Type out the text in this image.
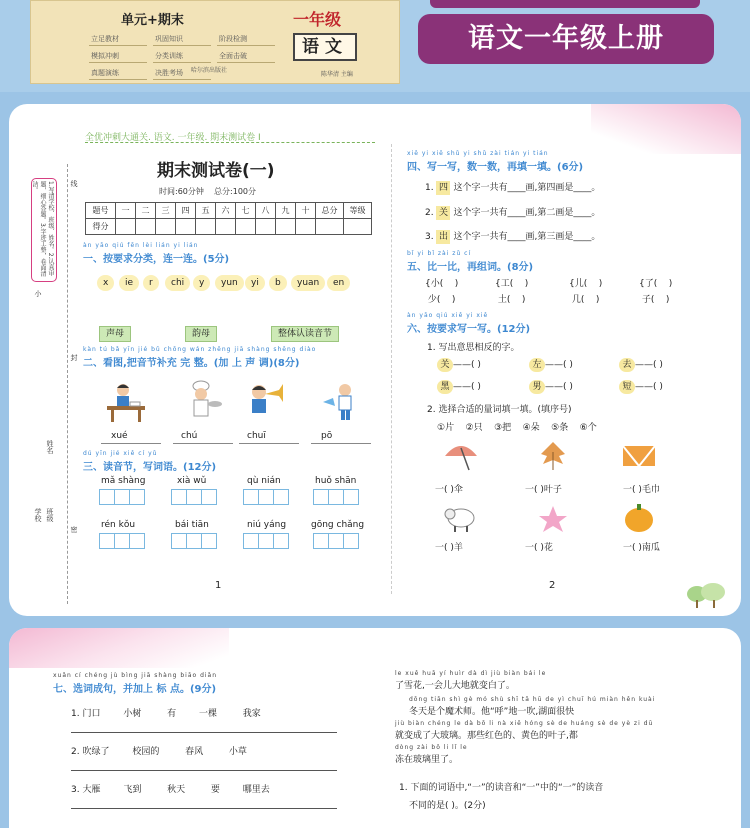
单元+期末
立足教材	巩固知识	阶段检测模拟冲刺	分类训练	全面击破真题演练	决胜考场
一年级
语文
哈尔滨出版社
陈华清 主编
语文一年级上册
全优冲刺大通关. 语文. 一年级. 期末测试卷 I
1.写清学校、班级、姓名。2.认真审题，细心答题。3.字迹工整，卷面清洁。	线
小
封
姓名
学校 班级
密
期末测试卷(一)
时间:60分钟 总分:100分
题号	一	二	三	四	五	六	七	八	九	十	总分	等级
得分												
àn yāo qiú fēn lèi lián yi lián
一、按要求分类，连一连。(5分)
x	ie	r	chi	y	yun	yi	b	yuan	en
声母	韵母	整体认读音节
kàn tú bǎ yīn jié bǔ chōng wán zhěng jiā shàng shēng diào
二、看图,把音节补充 完 整。(加 上 声 调)(8分)
xué	chú	chuī	pō
dú yīn jié xiě cí yǔ
三、读音节，写词语。(12分)
mǎ shàng	xià wǔ	qù nián	huǒ shān
rén kǒu	bái tiān	niú yáng	gōng chǎng
1
xiě yi xiě shǔ yi shǔ zài tián yi tián
四、写一写，数一数，再填一填。(6分)
1. 四 这个字一共有____画,第四画是____。
2. 关 这个字一共有____画,第二画是____。
3. 出 这个字一共有____画,第三画是____。
bǐ yi bǐ zài zǔ cí
五、比一比，再组词。(8分)
{小( )
少( )
{工( )
土( )
{儿( )
几( )
{了( )
子( )
àn yāo qiú xiě yi xiě
六、按要求写一写。(12分)
1. 写出意思相反的字。
关 ——( )	左 ——( )	去 ——( )
黑 ——( )	男 ——( )	短 ——( )
2. 选择合适的量词填一填。(填序号)
①片 ②只 ③把 ④朵 ⑤条 ⑥个
一( )伞	一( )叶子	一( )毛巾
一( )羊	一( )花	一( )南瓜
2
xuǎn cí chéng jù bìng jiā shàng biāo diǎn
七、选词成句，并加上 标 点。(9分)
1. 门口	小树	有	一棵	我家
2. 吹绿了	校园的	春风	小草
3. 大雁	飞到	秋天	要	哪里去
le xuě huā yí huìr dà dì jiù biàn bái le
了雪花,一会儿大地就变白了。
dōng tiān shì gè mó shù shī tā hū de yì chuī hú miàn hěn kuài
冬天是个魔术师。他“呼”地一吹,湖面很快
jiù biàn chéng le dà bō li nà xiē hóng sè de huáng sè de yè zi dū
就变成了大玻璃。那些红色的、黄色的叶子,都
dòng zài bō li lǐ le
冻在玻璃里了。
1. 下面的词语中,“一”的读音和“一”中的“一”的读音
不同的是( )。(2分)
